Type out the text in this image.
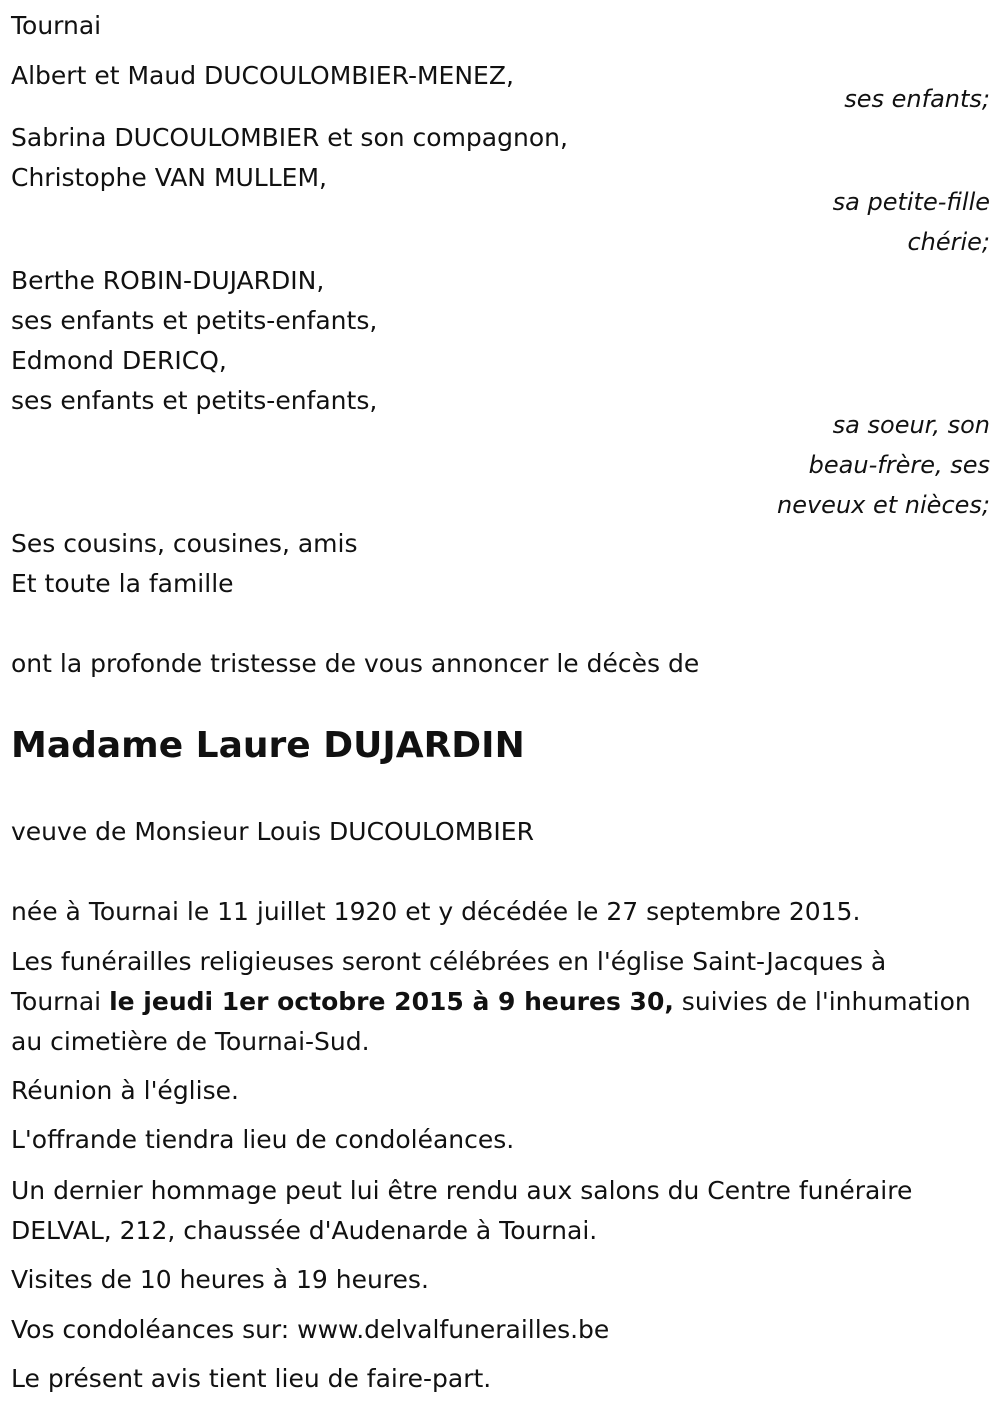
Tournai
Albert et Maud DUCOULOMBIER-MENEZ,
ses enfants;
Sabrina DUCOULOMBIER et son compagnon,
Christophe VAN MULLEM,
sa petite-fille
chérie;
Berthe ROBIN-DUJARDIN,
ses enfants et petits-enfants,
Edmond DERICQ,
ses enfants et petits-enfants,
sa soeur, son
beau-frère, ses
neveux et nièces;
Ses cousins, cousines, amis
Et toute la famille
ont la profonde tristesse de vous annoncer le décès de
Madame Laure DUJARDIN
veuve de Monsieur Louis DUCOULOMBIER
née à Tournai le 11 juillet 1920 et y décédée le 27 septembre 2015.
Les funérailles religieuses seront célébrées en l'église Saint-Jacques à
Tournai le jeudi 1er octobre 2015 à 9 heures 30, suivies de l'inhumation
au cimetière de Tournai-Sud.
Réunion à l'église.
L'offrande tiendra lieu de condoléances.
Un dernier hommage peut lui être rendu aux salons du Centre funéraire
DELVAL, 212, chaussée d'Audenarde à Tournai.
Visites de 10 heures à 19 heures.
Vos condoléances sur: www.delvalfunerailles.be
Le présent avis tient lieu de faire-part.
